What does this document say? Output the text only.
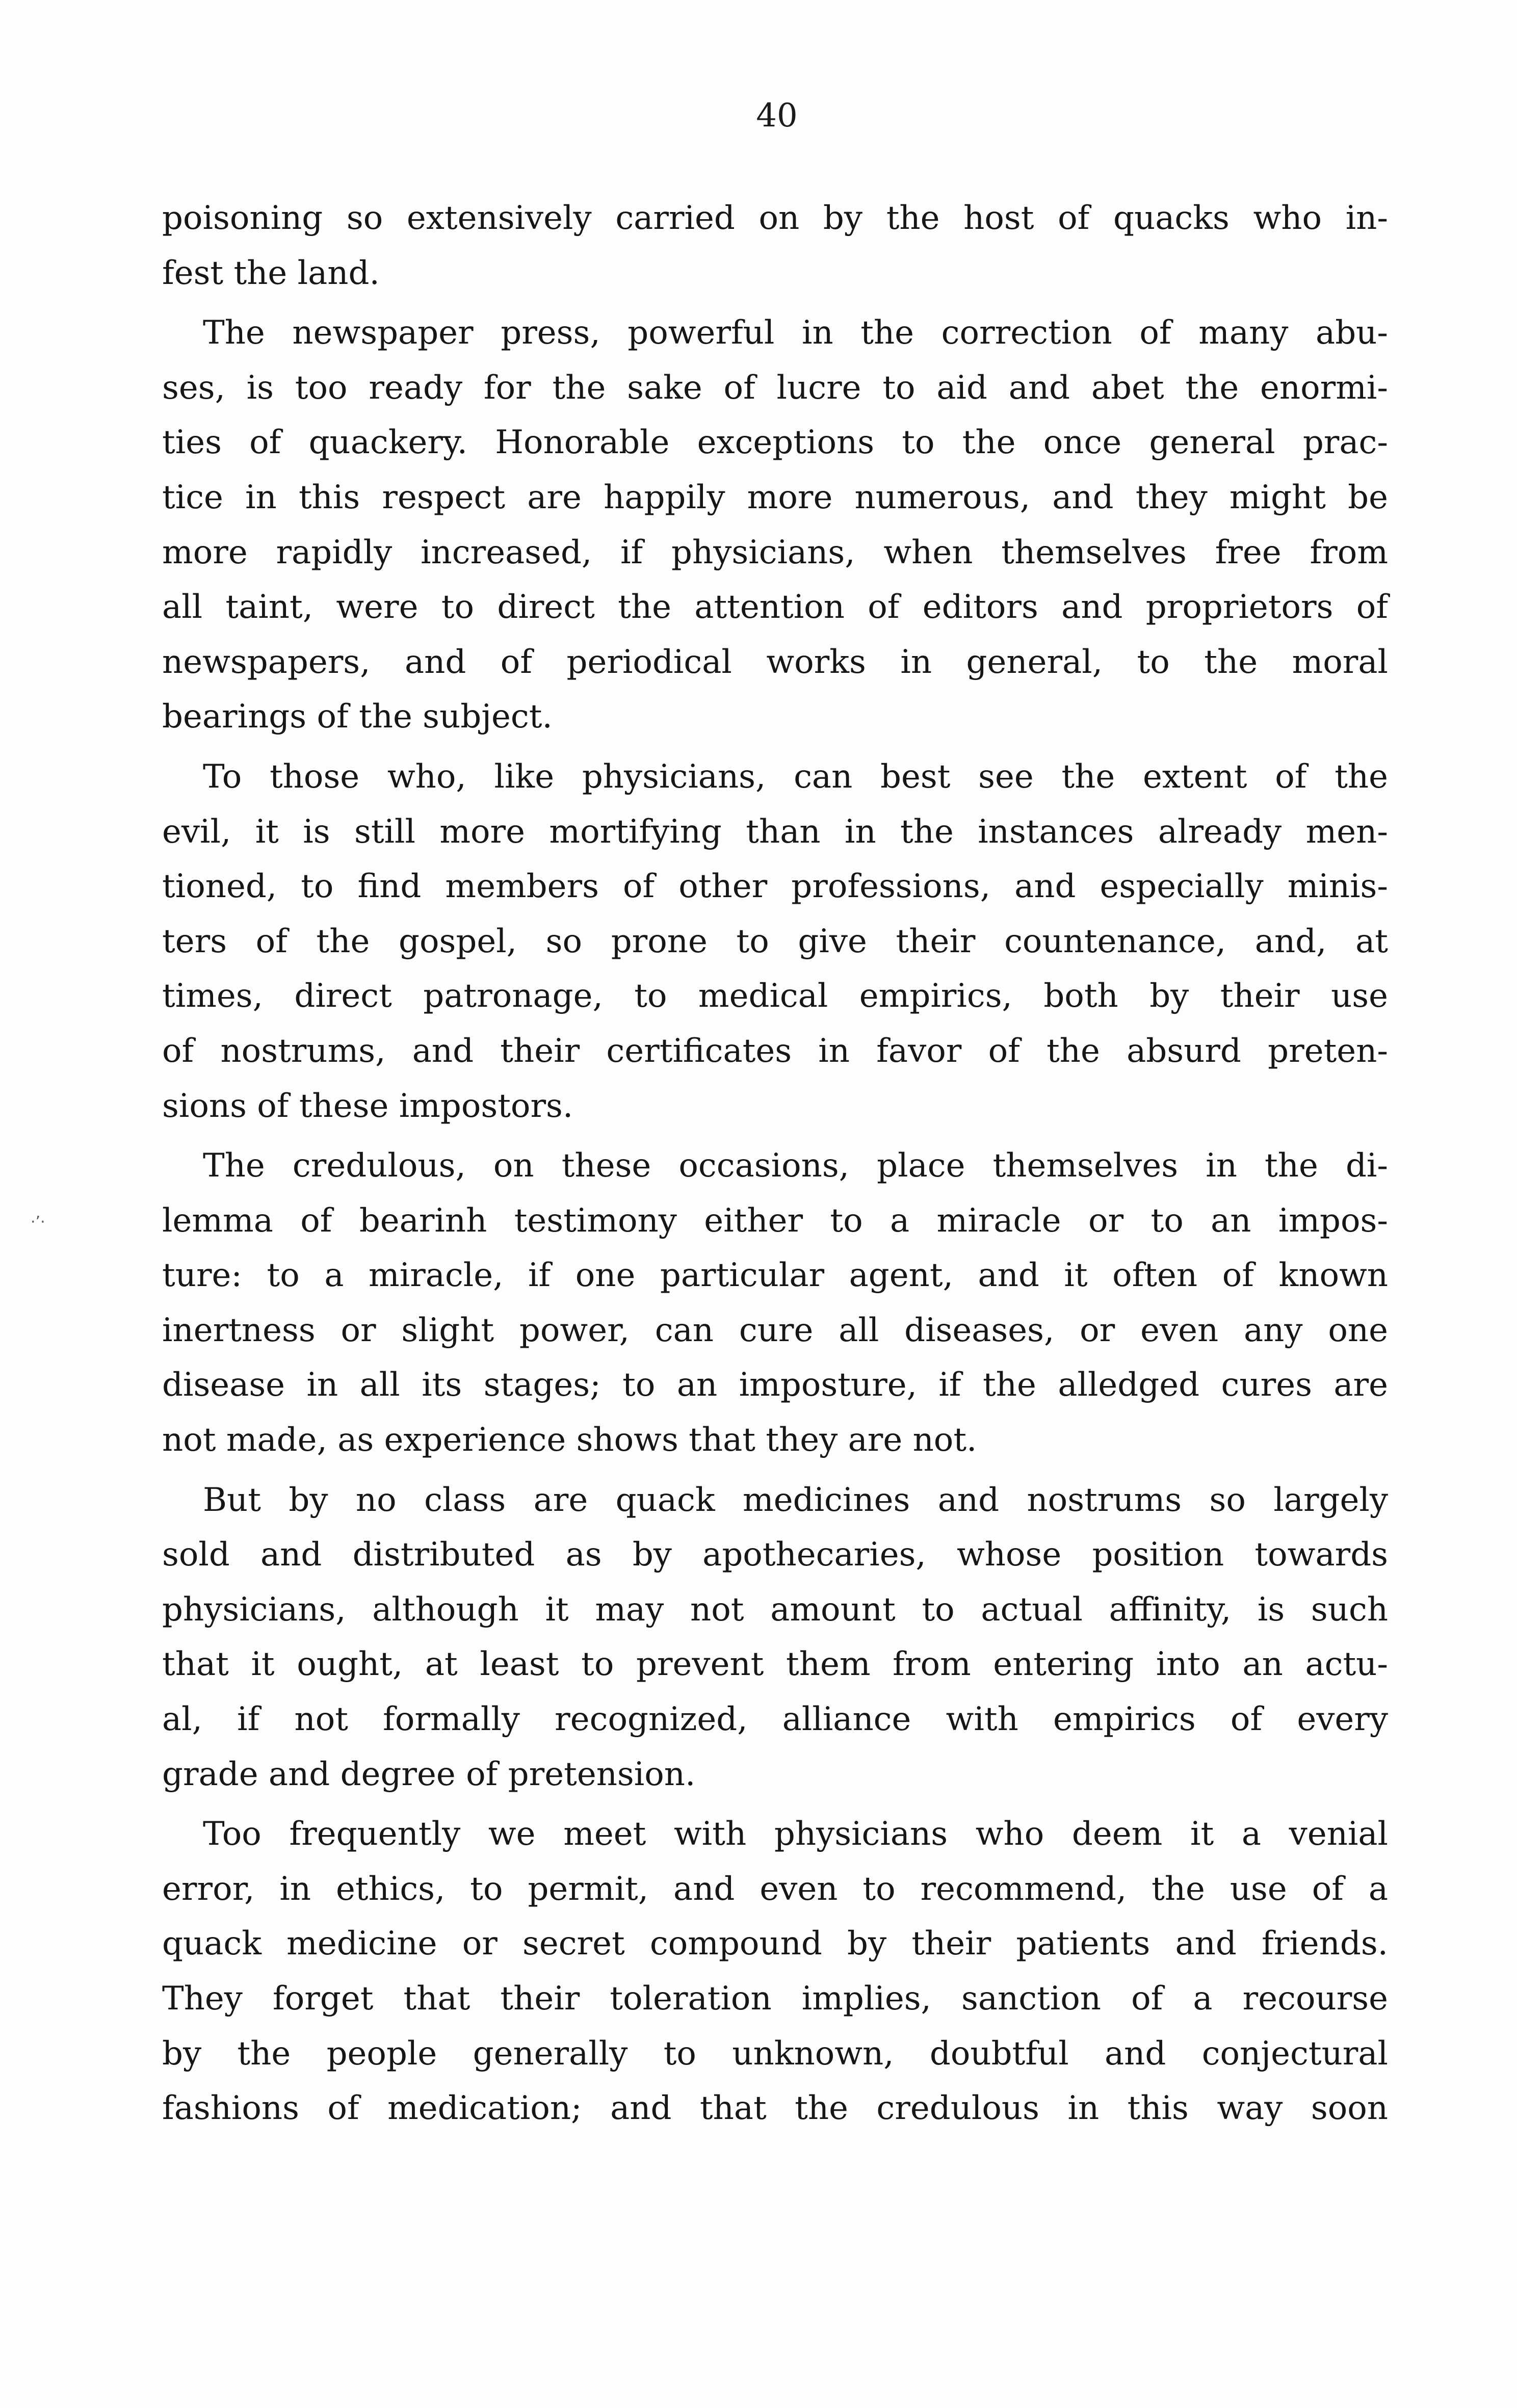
40
·ʼ·
poisoning so extensively carried on by the host of quacks who in-
fest the land.
The newspaper press, powerful in the correction of many abu-
ses, is too ready for the sake of lucre to aid and abet the enormi-
ties of quackery. Honorable exceptions to the once general prac-
tice in this respect are happily more numerous, and they might be
more rapidly increased, if physicians, when themselves free from
all taint, were to direct the attention of editors and proprietors of
newspapers, and of periodical works in general, to the moral
bearings of the subject.
To those who, like physicians, can best see the extent of the
evil, it is still more mortifying than in the instances already men-
tioned, to find members of other professions, and especially minis-
ters of the gospel, so prone to give their countenance, and, at
times, direct patronage, to medical empirics, both by their use
of nostrums, and their certificates in favor of the absurd preten-
sions of these impostors.
The credulous, on these occasions, place themselves in the di-
lemma of bearinh testimony either to a miracle or to an impos-
ture: to a miracle, if one particular agent, and it often of known
inertness or slight power, can cure all diseases, or even any one
disease in all its stages; to an imposture, if the alledged cures are
not made, as experience shows that they are not.
But by no class are quack medicines and nostrums so largely
sold and distributed as by apothecaries, whose position towards
physicians, although it may not amount to actual affinity, is such
that it ought, at least to prevent them from entering into an actu-
al, if not formally recognized, alliance with empirics of every
grade and degree of pretension.
Too frequently we meet with physicians who deem it a venial
error, in ethics, to permit, and even to recommend, the use of a
quack medicine or secret compound by their patients and friends.
They forget that their toleration implies, sanction of a recourse
by the people generally to unknown, doubtful and conjectural
fashions of medication; and that the credulous in this way soon
